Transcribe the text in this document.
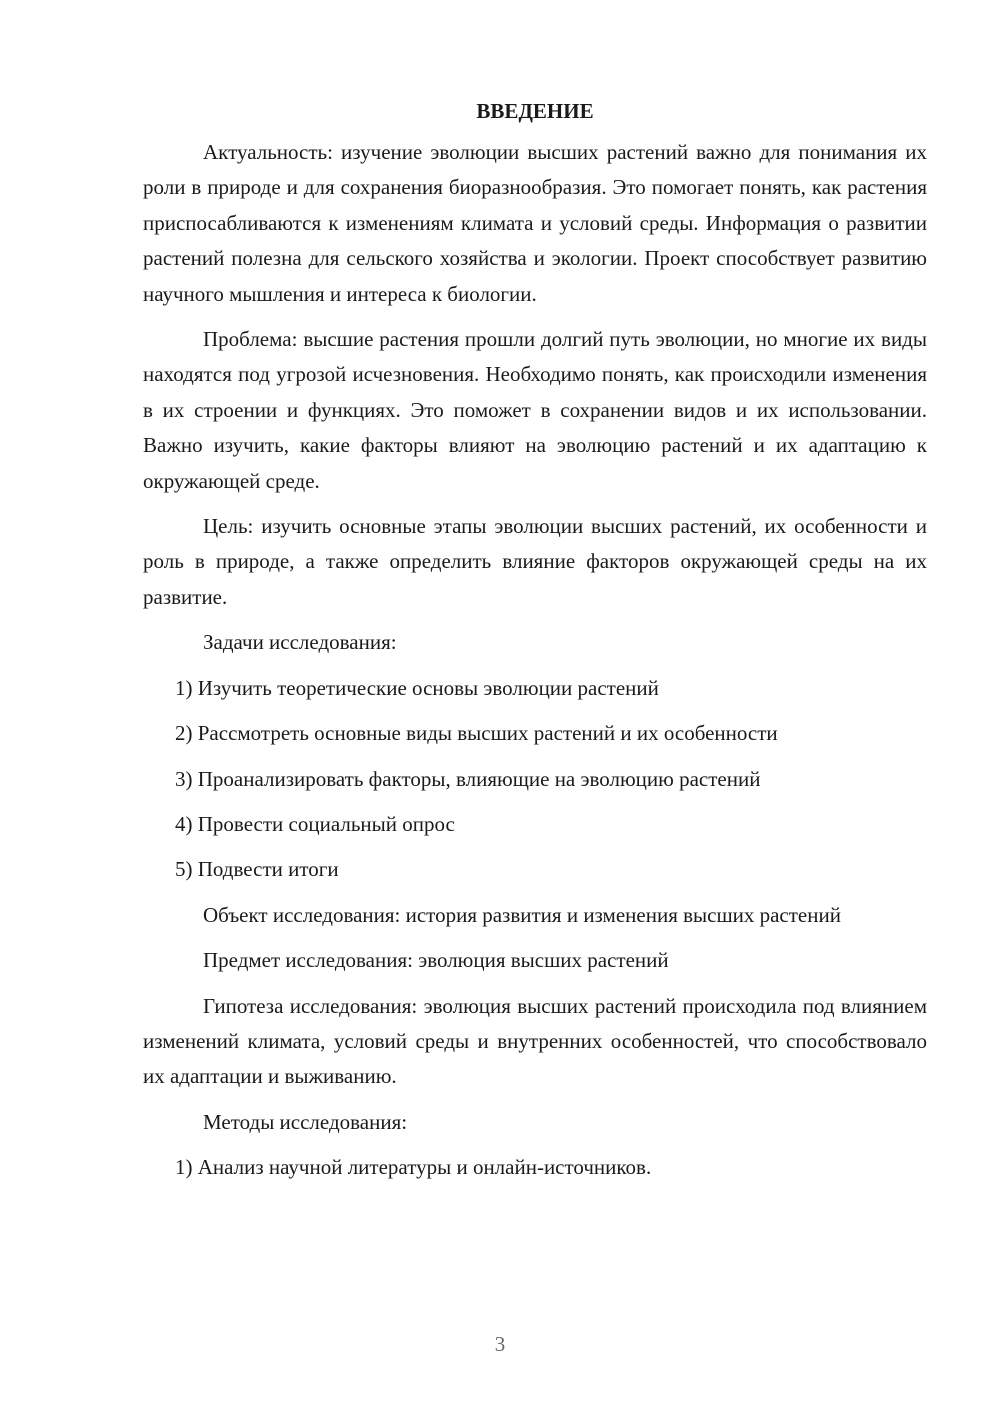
ВВЕДЕНИЕ

Актуальность: изучение эволюции высших растений важно для понимания их роли в природе и для сохранения биоразнообразия. Это помогает понять, как растения приспосабливаются к изменениям климата и условий среды. Информация о развитии растений полезна для сельского хозяйства и экологии. Проект способствует развитию научного мышления и интереса к биологии.

Проблема: высшие растения прошли долгий путь эволюции, но многие их виды находятся под угрозой исчезновения. Необходимо понять, как происходили изменения в их строении и функциях. Это поможет в сохранении видов и их использовании. Важно изучить, какие факторы влияют на эволюцию растений и их адаптацию к окружающей среде.

Цель: изучить основные этапы эволюции высших растений, их особенности и роль в природе, а также определить влияние факторов окружающей среды на их развитие.

Задачи исследования:
1) Изучить теоретические основы эволюции растений
2) Рассмотреть основные виды высших растений и их особенности
3) Проанализировать факторы, влияющие на эволюцию растений
4) Провести социальный опрос
5) Подвести итоги

Объект исследования: история развития и изменения высших растений

Предмет исследования: эволюция высших растений

Гипотеза исследования: эволюция высших растений происходила под влиянием изменений климата, условий среды и внутренних особенностей, что способствовало их адаптации и выживанию.

Методы исследования:
1) Анализ научной литературы и онлайн-источников.
3
